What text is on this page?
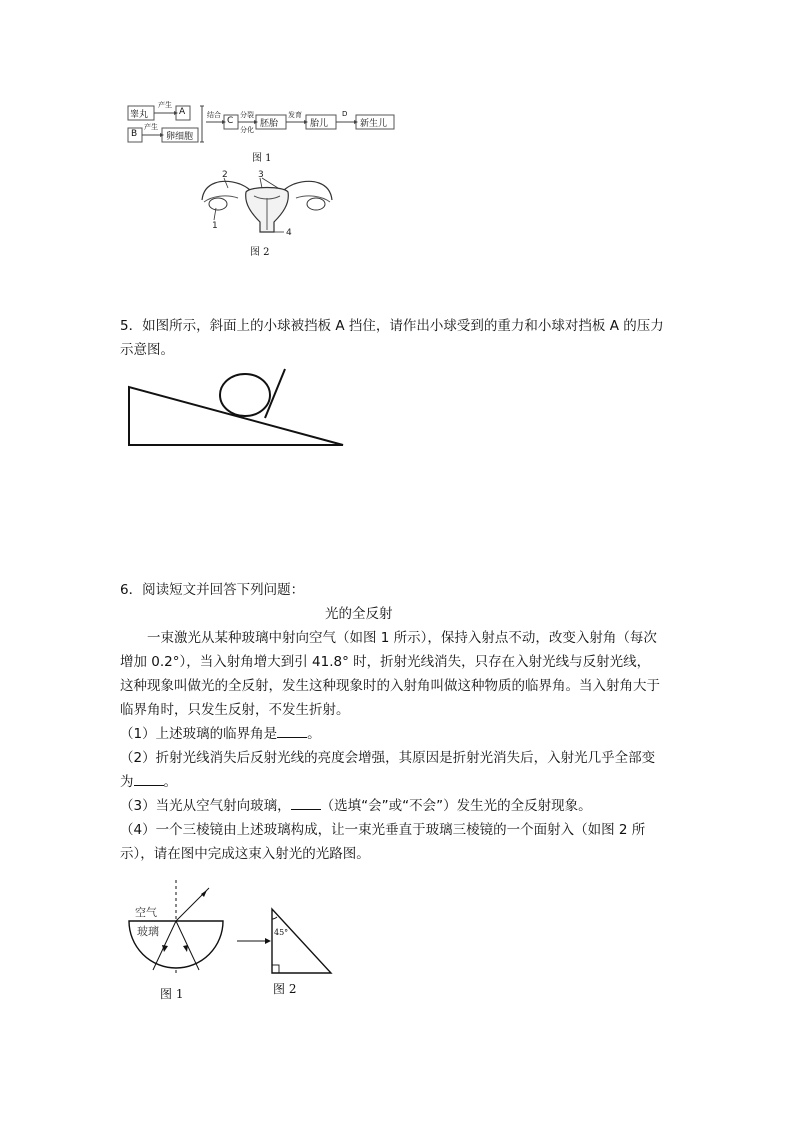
睾丸
产生
A
B
产生
卵细胞
结合
C
分裂
分化
胚胎
发育
胎儿
D
新生儿
图 1
1
2	3
4
图 2
5．如图所示，斜面上的小球被挡板 A 挡住，请作出小球受到的重力和小球对挡板 A 的压力
示意图。
6．阅读短文并回答下列问题：
光的全反射
一束激光从某种玻璃中射向空气（如图 1 所示），保持入射点不动，改变入射角（每次
增加 0.2°），当入射角增大到引 41.8° 时，折射光线消失，只存在入射光线与反射光线，
这种现象叫做光的全反射，发生这种现象时的入射角叫做这种物质的临界角。当入射角大于
临界角时，只发生反射，不发生折射。
（1）上述玻璃的临界角是 。
（2）折射光线消失后反射光线的亮度会增强，其原因是折射光消失后，入射光几乎全部变
为 。
（3）当光从空气射向玻璃， （选填“会”或“不会”）发生光的全反射现象。
（4）一个三棱镜由上述玻璃构成，让一束光垂直于玻璃三棱镜的一个面射入（如图 2 所
示），请在图中完成这束入射光的光路图。
空气
玻璃
图 1
45°
图 2
